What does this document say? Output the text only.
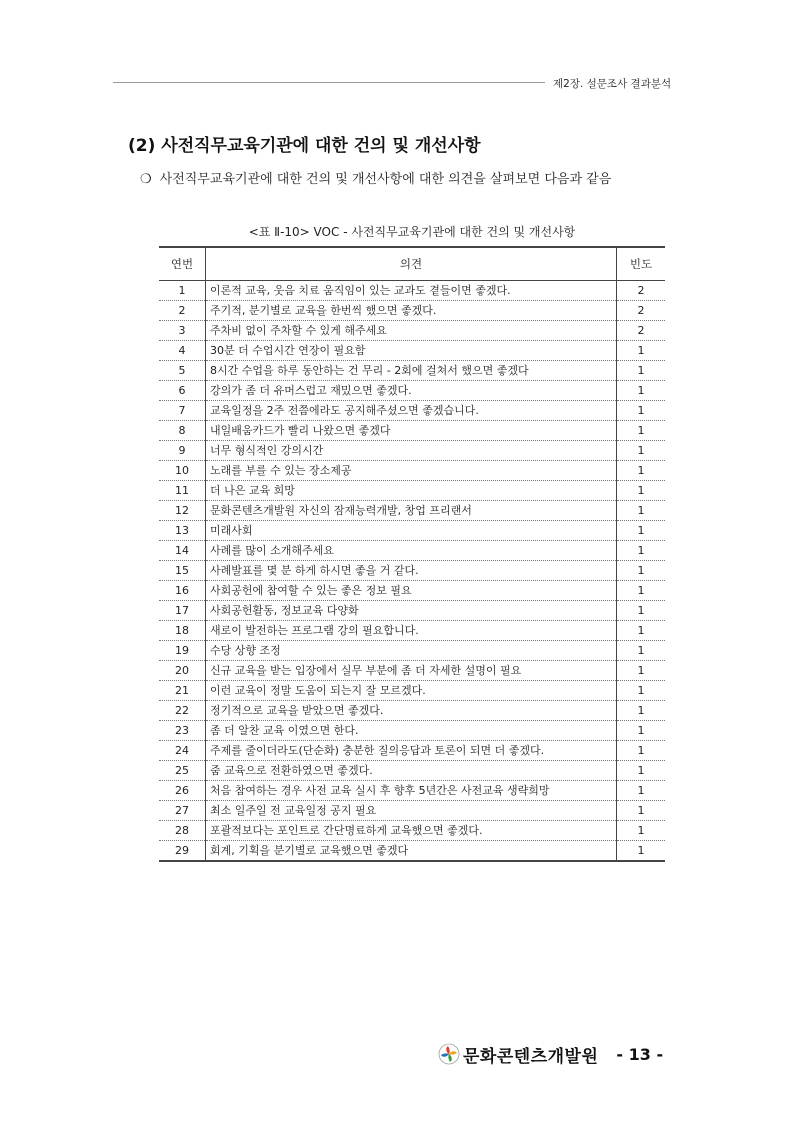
제2장. 설문조사 결과분석
(2) 사전직무교육기관에 대한 건의 및 개선사항
❍ 사전직무교육기관에 대한 건의 및 개선사항에 대한 의견을 살펴보면 다음과 같음
<표 Ⅱ-10> VOC - 사전직무교육기관에 대한 건의 및 개선사항
연번	의견	빈도
1	이론적 교육, 웃음 치료 움직임이 있는 교과도 곁들이면 좋겠다.	2
2	주기적, 분기별로 교육을 한번씩 했으면 좋겠다.	2
3	주차비 없이 주차할 수 있게 해주세요	2
4	30분 더 수업시간 연장이 필요함	1
5	8시간 수업을 하루 동안하는 건 무리 - 2회에 걸쳐서 했으면 좋겠다	1
6	강의가 좀 더 유머스럽고 재밌으면 좋겠다.	1
7	교육일정을 2주 전쯤에라도 공지해주셨으면 좋겠습니다.	1
8	내일배움카드가 빨리 나왔으면 좋겠다	1
9	너무 형식적인 강의시간	1
10	노래를 부를 수 있는 장소제공	1
11	더 나은 교육 희망	1
12	문화콘텐츠개발원 자신의 잠재능력개발, 창업 프리랜서	1
13	미래사회	1
14	사례를 많이 소개해주세요	1
15	사례발표를 몇 분 하게 하시면 좋을 거 같다.	1
16	사회공헌에 참여할 수 있는 좋은 정보 필요	1
17	사회공헌활동, 정보교육 다양화	1
18	새로이 발전하는 프로그램 강의 필요합니다.	1
19	수당 상향 조정	1
20	신규 교육을 받는 입장에서 실무 부분에 좀 더 자세한 설명이 필요	1
21	이런 교육이 정말 도움이 되는지 잘 모르겠다.	1
22	정기적으로 교육을 받았으면 좋겠다.	1
23	좀 더 알찬 교육 이였으면 한다.	1
24	주제를 줄이더라도(단순화) 충분한 질의응답과 토론이 되면 더 좋겠다.	1
25	줌 교육으로 전환하였으면 좋겠다.	1
26	처음 참여하는 경우 사전 교육 실시 후 향후 5년간은 사전교육 생략희망	1
27	최소 일주일 전 교육일정 공지 필요	1
28	포괄적보다는 포인트로 간단명료하게 교육했으면 좋겠다.	1
29	회계, 기획을 분기별로 교육했으면 좋겠다	1
문화콘텐츠개발원 - 13 -
